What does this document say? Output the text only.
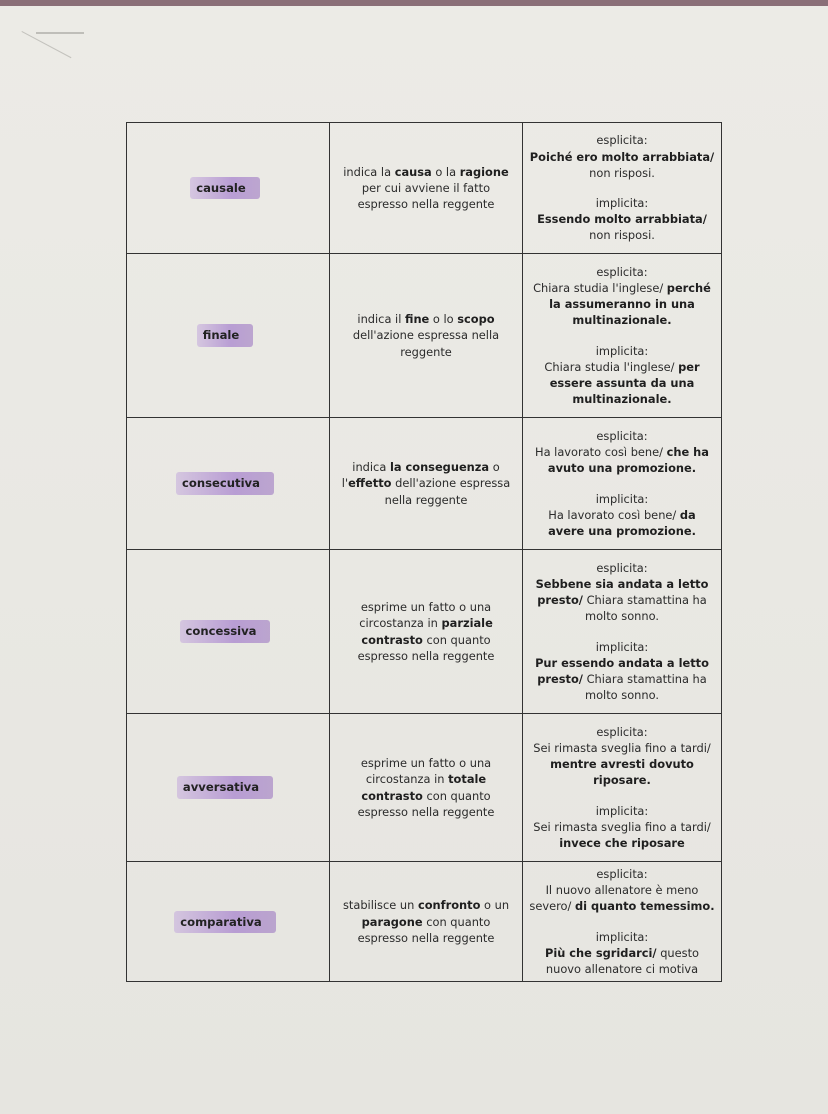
causale	indica la causa o la ragione per cui avviene il fatto espresso nella reggente	esplicita:

Poiché ero molto arrabbiata/ non risposi.

implicita:

Essendo molto arrabbiata/ non risposi.

finale	indica il fine o lo scopo dell'azione espressa nella reggente	esplicita:

Chiara studia l'inglese/ perché la assumeranno in una multinazionale.

implicita:

Chiara studia l'inglese/ per essere assunta da una multinazionale.

consecutiva	indica la conseguenza o l'effetto dell'azione espressa nella reggente	esplicita:

Ha lavorato così bene/ che ha avuto una promozione.

implicita:

Ha lavorato così bene/ da avere una promozione.

concessiva	esprime un fatto o una circostanza in parziale contrasto con quanto espresso nella reggente	esplicita:

Sebbene sia andata a letto presto/ Chiara stamattina ha molto sonno.

implicita:

Pur essendo andata a letto presto/ Chiara stamattina ha molto sonno.

avversativa	esprime un fatto o una circostanza in totale contrasto con quanto espresso nella reggente	esplicita:

Sei rimasta sveglia fino a tardi/ mentre avresti dovuto riposare.

implicita:

Sei rimasta sveglia fino a tardi/ invece che riposare

comparativa	stabilisce un confronto o un paragone con quanto espresso nella reggente	esplicita:

Il nuovo allenatore è meno severo/ di quanto temessimo.

implicita:

Più che sgridarci/ questo nuovo allenatore ci motiva
